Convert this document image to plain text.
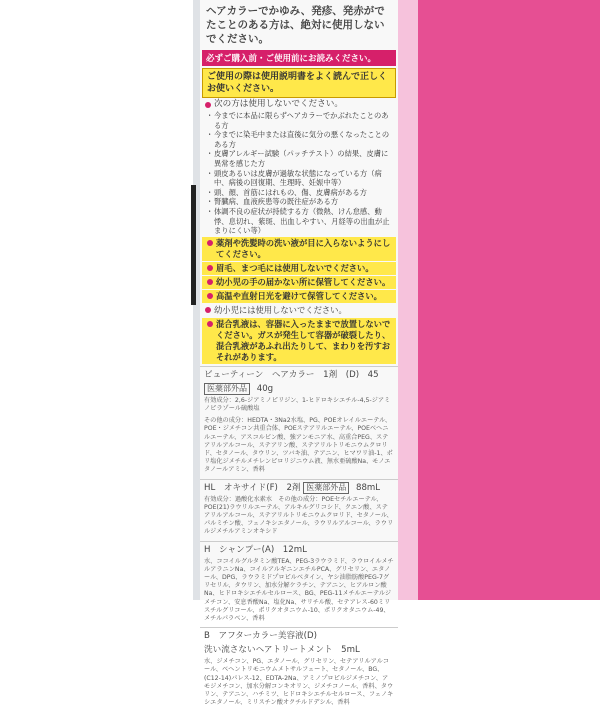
ヘアカラーでかゆみ、発疹、発赤がでたことのある方は、絶対に使用しないでください。
必ずご購入前・ご使用前にお読みください。
ご使用の際は使用説明書をよく読んで正しくお使いください。
次の方は使用しないでください。
・ 今までに本品に限らずヘアカラーでかぶれたことのある方
・ 今までに染毛中または直後に気分の悪くなったことのある方
・ 皮膚アレルギー試験（パッチテスト）の結果、皮膚に異常を感じた方
・ 頭皮あるいは皮膚が過敏な状態になっている方（病中、病後の回復期、生理時、妊娠中等）
・ 頭、顔、首筋にはれもの、傷、皮膚病がある方
・ 腎臓病、血液疾患等の既往症がある方
・ 体調不良の症状が持続する方（微熱、けん怠感、動悸、息切れ、紫斑、出血しやすい、月経等の出血が止まりにくい等）
薬剤や洗髪時の洗い液が目に入らないようにしてください。
眉毛、まつ毛には使用しないでください。
幼小児の手の届かない所に保管してください。
高温や直射日光を避けて保管してください。
幼小児には使用しないでください。
混合乳液は、容器に入ったままで放置しないでください。ガスが発生して容器が破裂したり、混合乳液があふれ出たりして、まわりを汚すおそれがあります。
ビューティーン　ヘアカラー　1剤　(D)　45
医薬部外品 40g
有効成分：2,6-ジアミノピリジン、1-ヒドロキシエチル-4,5-ジアミノピラゾール硫酸塩
その他の成分：HEDTA・3Na2水塩、PG、POEオレイルエーテル、POE・ジメチコン共重合体、POEステアリルエーテル、POEベヘニルエーテル、アスコルビン酸、強アンモニア水、高重合PEG、ステアリルアルコール、ステアリン酸、ステアリルトリモニウムクロリド、セタノール、タウリン、ツバキ油、テアニン、ヒマワリ油-1、ポリ塩化ジメチルメチレンピロリジニウム液、無水亜硫酸Na、モノエタノールアミン、香料
HL　オキサイド(F)　2剤 医薬部外品 88mL
有効成分：過酸化水素水　その他の成分：POEセチルエーテル、POE(21)ラウリルエーテル、アルキルグリコシド、クエン酸、ステアリルアルコール、ステアリルトリモニウムクロリド、セタノール、パルミチン酸、フェノキシエタノール、ラウリルアルコール、ラウリルジメチルアミンオキシド
H　シャンプー(A)　12mL
水、ココイルグルタミン酸TEA、PEG-3ラウラミド、ラウロイルメチルアラニンNa、コイルアルギニンエチルPCA、グリセリン、エタノール、DPG、ラウラミドプロピルベタイン、ヤシ油脂肪酸PEG-7グリセリル、タウリン、加水分解ケラチン、テアニン、ヒアルロン酸Na、ヒドロキシエチルセルロース、BG、PEG-11メチルエーテルジメチコン、安息香酸Na、塩化Na、サリチル酸、セテアレス-60ミリスチルグリコール、ポリクオタニウム-10、ポリクオタニウム-49、メチルパラベン、香料
B　アフターカラー美容液(D)
洗い流さないヘアトリートメント　5mL
水、ジメチコン、PG、エタノール、グリセリン、セテアリルアルコール、ベヘントリモニウムメトサルフェート、セタノール、BG、(C12-14)パレス-12、EDTA-2Na、アミノプロピルジメチコン、アモジメチコン、加水分解コンキオリン、ジメチコノール、香料、タウリン、テアニン、ハチミツ、ヒドロキシエチルセルロース、フェノキシエタノール、ミリスチン酸オクチルドデシル、香料
